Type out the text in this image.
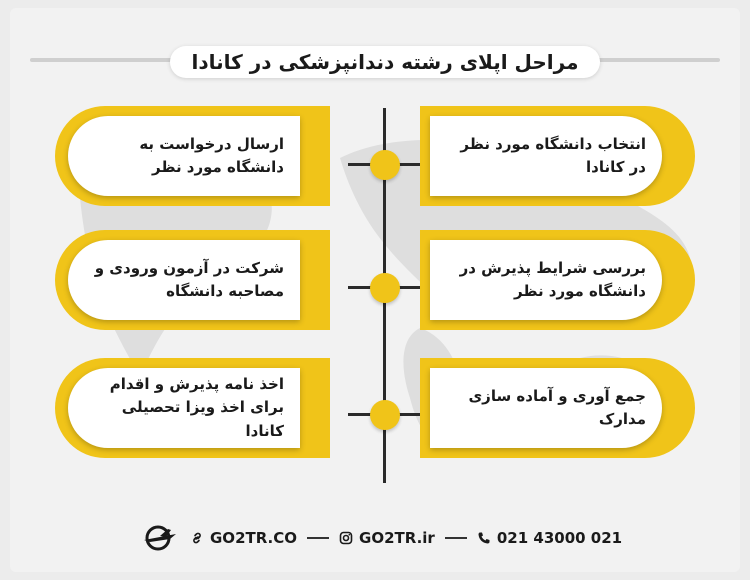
مراحل اپلای رشته دندانپزشکی در کانادا
ارسال درخواست به دانشگاه مورد نظر
شرکت در آزمون ورودی و مصاحبه دانشگاه
اخذ نامه پذیرش و اقدام برای اخذ ویزا تحصیلی کانادا
انتخاب دانشگاه مورد نظر در کانادا
بررسی شرایط پذیرش در دانشگاه مورد نظر
جمع آوری و آماده سازی مدارک
GO2TR.CO	GO2TR.ir	021 43000 021
